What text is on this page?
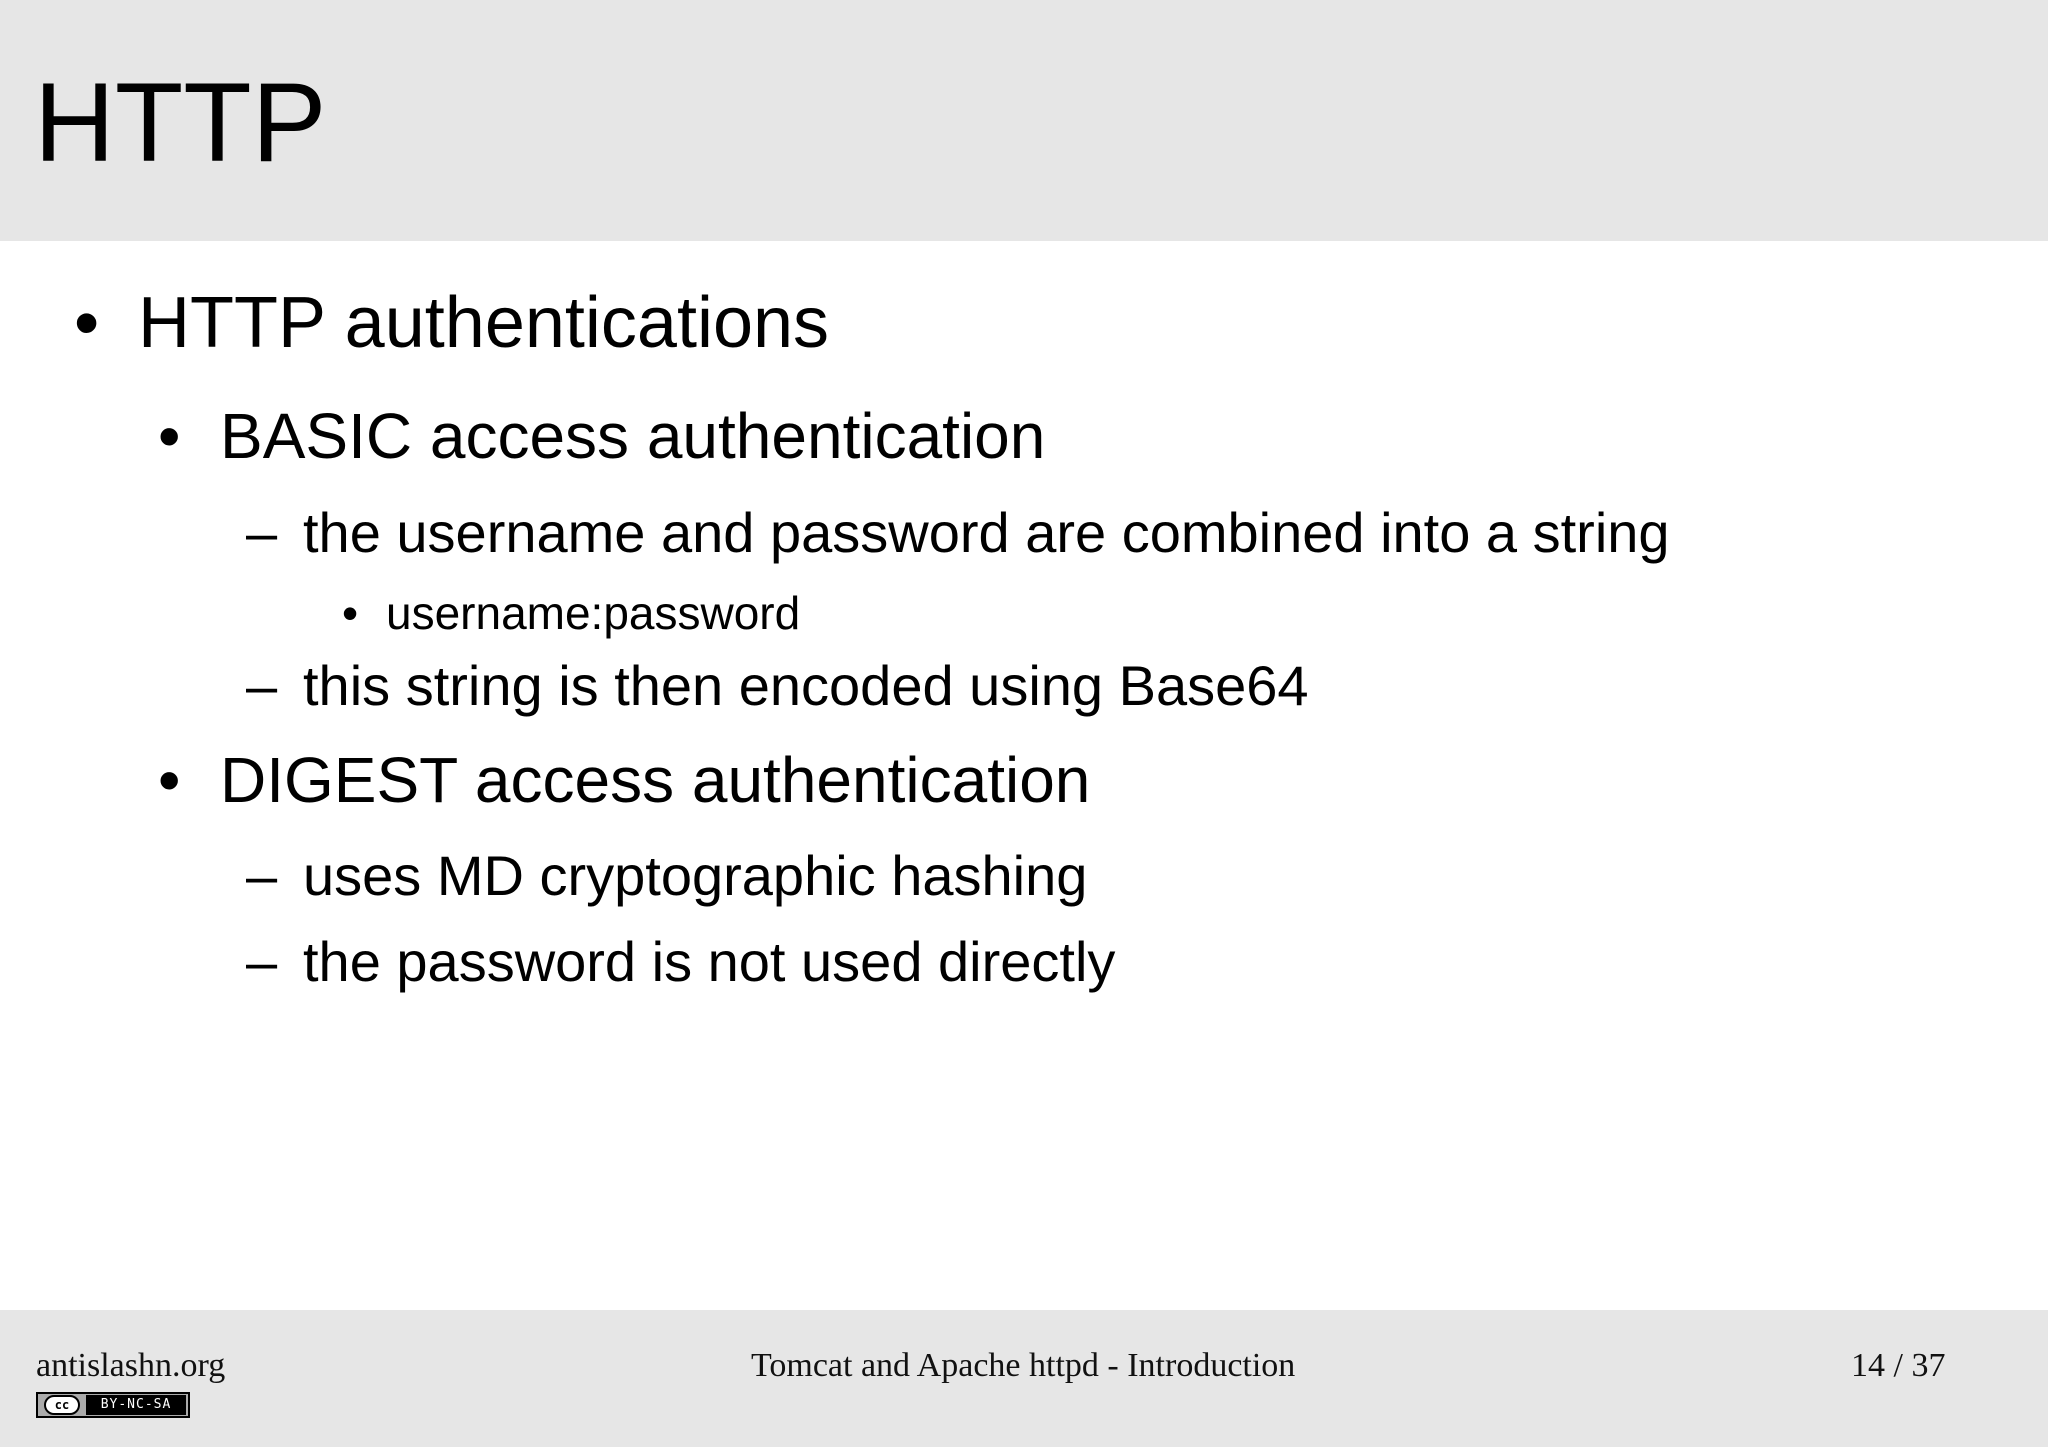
HTTP
• HTTP authentications
• BASIC access authentication
– the username and password are combined into a string
• username:password
– this string is then encoded using Base64
• DIGEST access authentication
– uses MD cryptographic hashing
– the password is not used directly
antislashn.org	Tomcat and Apache httpd - Introduction	14 / 37
cc	BY-NC-SA
